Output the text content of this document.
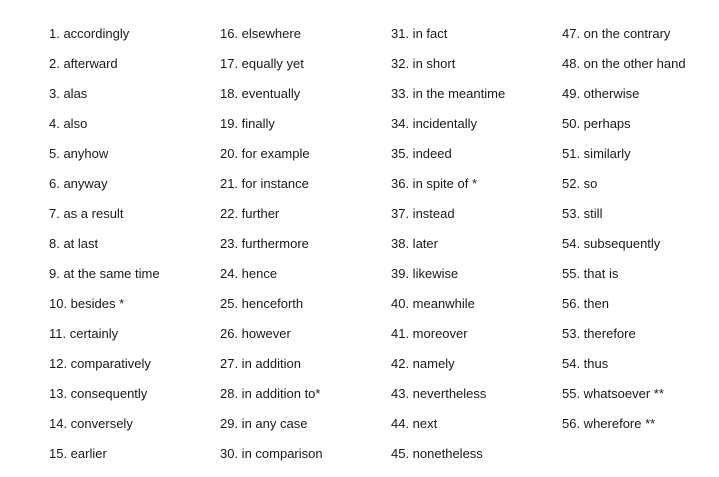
1. accordingly
2. afterward
3. alas
4. also
5. anyhow
6. anyway
7. as a result
8. at last
9. at the same time
10. besides *
11. certainly
12. comparatively
13. consequently
14. conversely
15. earlier
16. elsewhere
17. equally yet
18. eventually
19. finally
20. for example
21. for instance
22. further
23. furthermore
24. hence
25. henceforth
26. however
27. in addition
28. in addition to*
29. in any case
30. in comparison
31. in fact
32. in short
33. in the meantime
34. incidentally
35. indeed
36. in spite of *
37. instead
38. later
39. likewise
40. meanwhile
41. moreover
42. namely
43. nevertheless
44. next
45. nonetheless
47. on the contrary
48. on the other hand
49. otherwise
50. perhaps
51. similarly
52. so
53. still
54. subsequently
55. that is
56. then
53. therefore
54. thus
55. whatsoever **
56. wherefore **
